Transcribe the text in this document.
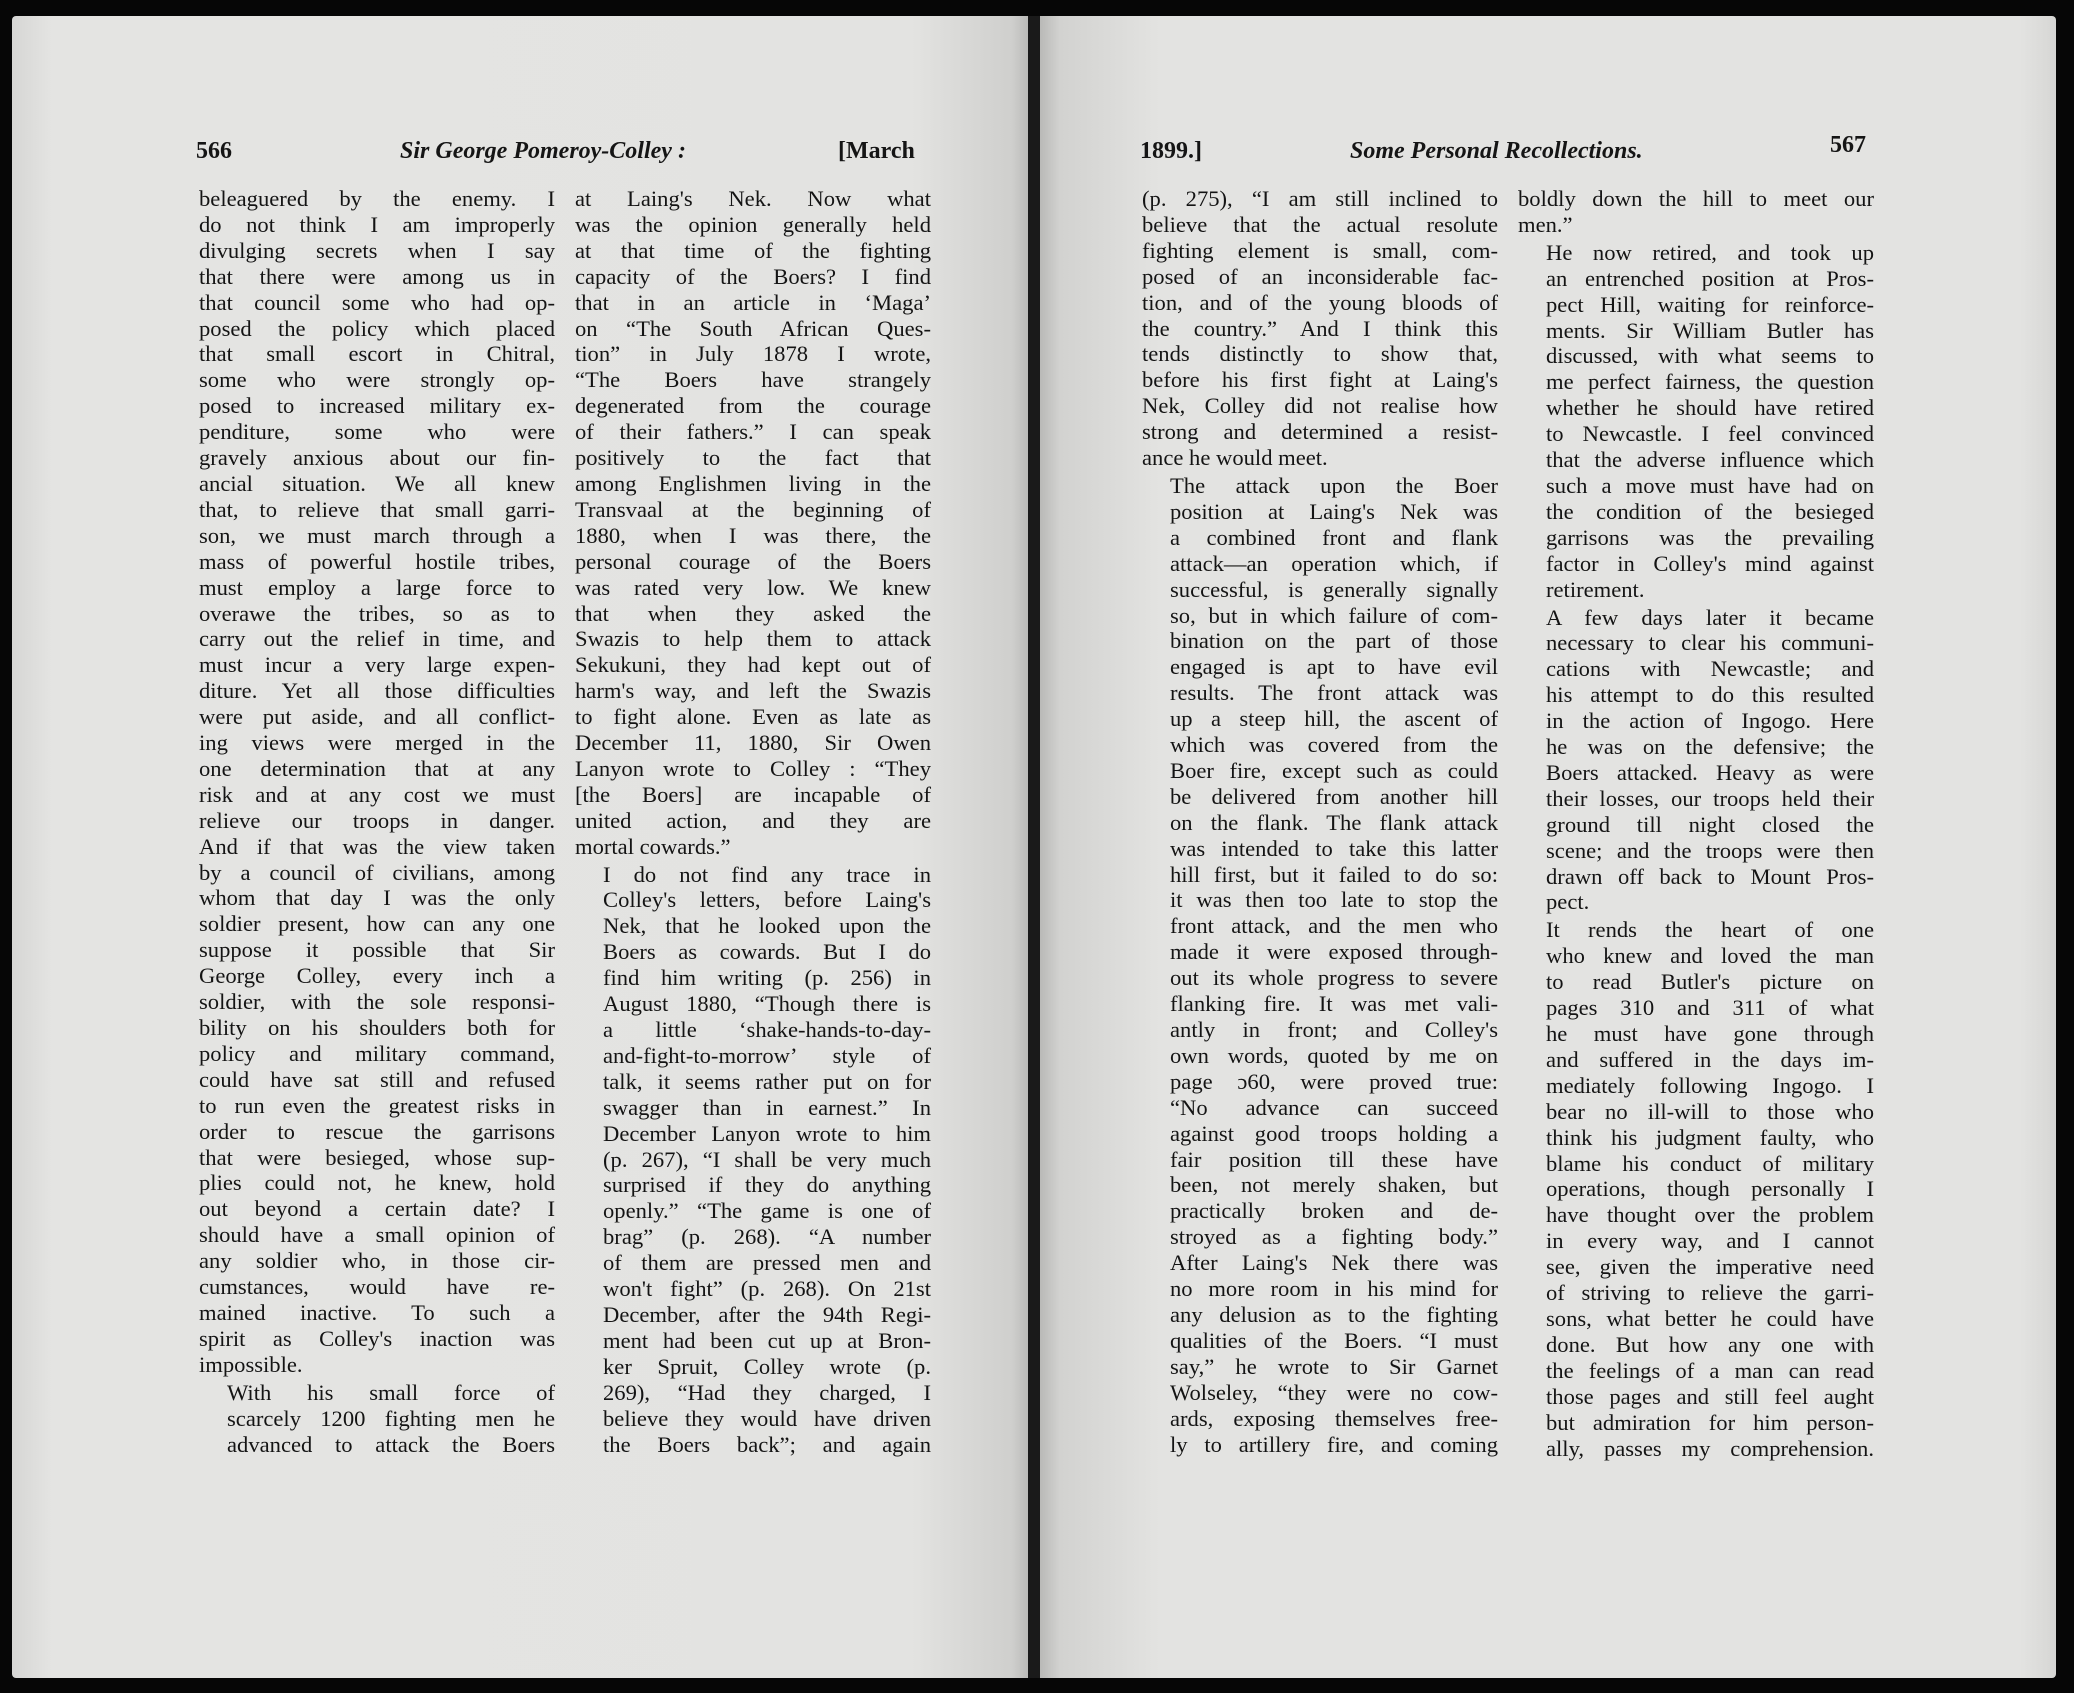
566	Sir George Pomeroy-Colley :	[March

beleaguered by the enemy. I
do not think I am improperly
divulging secrets when I say
that there were among us in
that council some who had op-
posed the policy which placed
that small escort in Chitral,
some who were strongly op-
posed to increased military ex-
penditure, some who were
gravely anxious about our fin-
ancial situation. We all knew
that, to relieve that small garri-
son, we must march through a
mass of powerful hostile tribes,
must employ a large force to
overawe the tribes, so as to
carry out the relief in time, and
must incur a very large expen-
diture. Yet all those difficulties
were put aside, and all conflict-
ing views were merged in the
one determination that at any
risk and at any cost we must
relieve our troops in danger.
And if that was the view taken
by a council of civilians, among
whom that day I was the only
soldier present, how can any one
suppose it possible that Sir
George Colley, every inch a
soldier, with the sole responsi-
bility on his shoulders both for
policy and military command,
could have sat still and refused
to run even the greatest risks in
order to rescue the garrisons
that were besieged, whose sup-
plies could not, he knew, hold
out beyond a certain date? I
should have a small opinion of
any soldier who, in those cir-
cumstances, would have re-
mained inactive. To such a
spirit as Colley's inaction was
impossible.

With his small force of
scarcely 1200 fighting men he
advanced to attack the Boers

at Laing's Nek. Now what
was the opinion generally held
at that time of the fighting
capacity of the Boers? I find
that in an article in ‘Maga’
on “The South African Ques-
tion” in July 1878 I wrote,
“The Boers have strangely
degenerated from the courage
of their fathers.” I can speak
positively to the fact that
among Englishmen living in the
Transvaal at the beginning of
1880, when I was there, the
personal courage of the Boers
was rated very low. We knew
that when they asked the
Swazis to help them to attack
Sekukuni, they had kept out of
harm's way, and left the Swazis
to fight alone. Even as late as
December 11, 1880, Sir Owen
Lanyon wrote to Colley : “They
[the Boers] are incapable of
united action, and they are
mortal cowards.”

I do not find any trace in
Colley's letters, before Laing's
Nek, that he looked upon the
Boers as cowards. But I do
find him writing (p. 256) in
August 1880, “Though there is
a little ‘shake-hands-to-day-
and-fight-to-morrow’ style of
talk, it seems rather put on for
swagger than in earnest.” In
December Lanyon wrote to him
(p. 267), “I shall be very much
surprised if they do anything
openly.” “The game is one of
brag” (p. 268). “A number
of them are pressed men and
won't fight” (p. 268). On 21st
December, after the 94th Regi-
ment had been cut up at Bron-
ker Spruit, Colley wrote (p.
269), “Had they charged, I
believe they would have driven
the Boers back”; and again

1899.]	Some Personal Recollections.	567

(p. 275), “I am still inclined to
believe that the actual resolute
fighting element is small, com-
posed of an inconsiderable fac-
tion, and of the young bloods of
the country.” And I think this
tends distinctly to show that,
before his first fight at Laing's
Nek, Colley did not realise how
strong and determined a resist-
ance he would meet.

The attack upon the Boer
position at Laing's Nek was
a combined front and flank
attack—an operation which, if
successful, is generally signally
so, but in which failure of com-
bination on the part of those
engaged is apt to have evil
results. The front attack was
up a steep hill, the ascent of
which was covered from the
Boer fire, except such as could
be delivered from another hill
on the flank. The flank attack
was intended to take this latter
hill first, but it failed to do so:
it was then too late to stop the
front attack, and the men who
made it were exposed through-
out its whole progress to severe
flanking fire. It was met vali-
antly in front; and Colley's
own words, quoted by me on
page ɔ60, were proved true:
“No advance can succeed
against good troops holding a
fair position till these have
been, not merely shaken, but
practically broken and de-
stroyed as a fighting body.”
After Laing's Nek there was
no more room in his mind for
any delusion as to the fighting
qualities of the Boers. “I must
say,” he wrote to Sir Garnet
Wolseley, “they were no cow-
ards, exposing themselves free-
ly to artillery fire, and coming

boldly down the hill to meet our
men.”

He now retired, and took up
an entrenched position at Pros-
pect Hill, waiting for reinforce-
ments. Sir William Butler has
discussed, with what seems to
me perfect fairness, the question
whether he should have retired
to Newcastle. I feel convinced
that the adverse influence which
such a move must have had on
the condition of the besieged
garrisons was the prevailing
factor in Colley's mind against
retirement.

A few days later it became
necessary to clear his communi-
cations with Newcastle; and
his attempt to do this resulted
in the action of Ingogo. Here
he was on the defensive; the
Boers attacked. Heavy as were
their losses, our troops held their
ground till night closed the
scene; and the troops were then
drawn off back to Mount Pros-
pect.

It rends the heart of one
who knew and loved the man
to read Butler's picture on
pages 310 and 311 of what
he must have gone through
and suffered in the days im-
mediately following Ingogo. I
bear no ill-will to those who
think his judgment faulty, who
blame his conduct of military
operations, though personally I
have thought over the problem
in every way, and I cannot
see, given the imperative need
of striving to relieve the garri-
sons, what better he could have
done. But how any one with
the feelings of a man can read
those pages and still feel aught
but admiration for him person-
ally, passes my comprehension.
